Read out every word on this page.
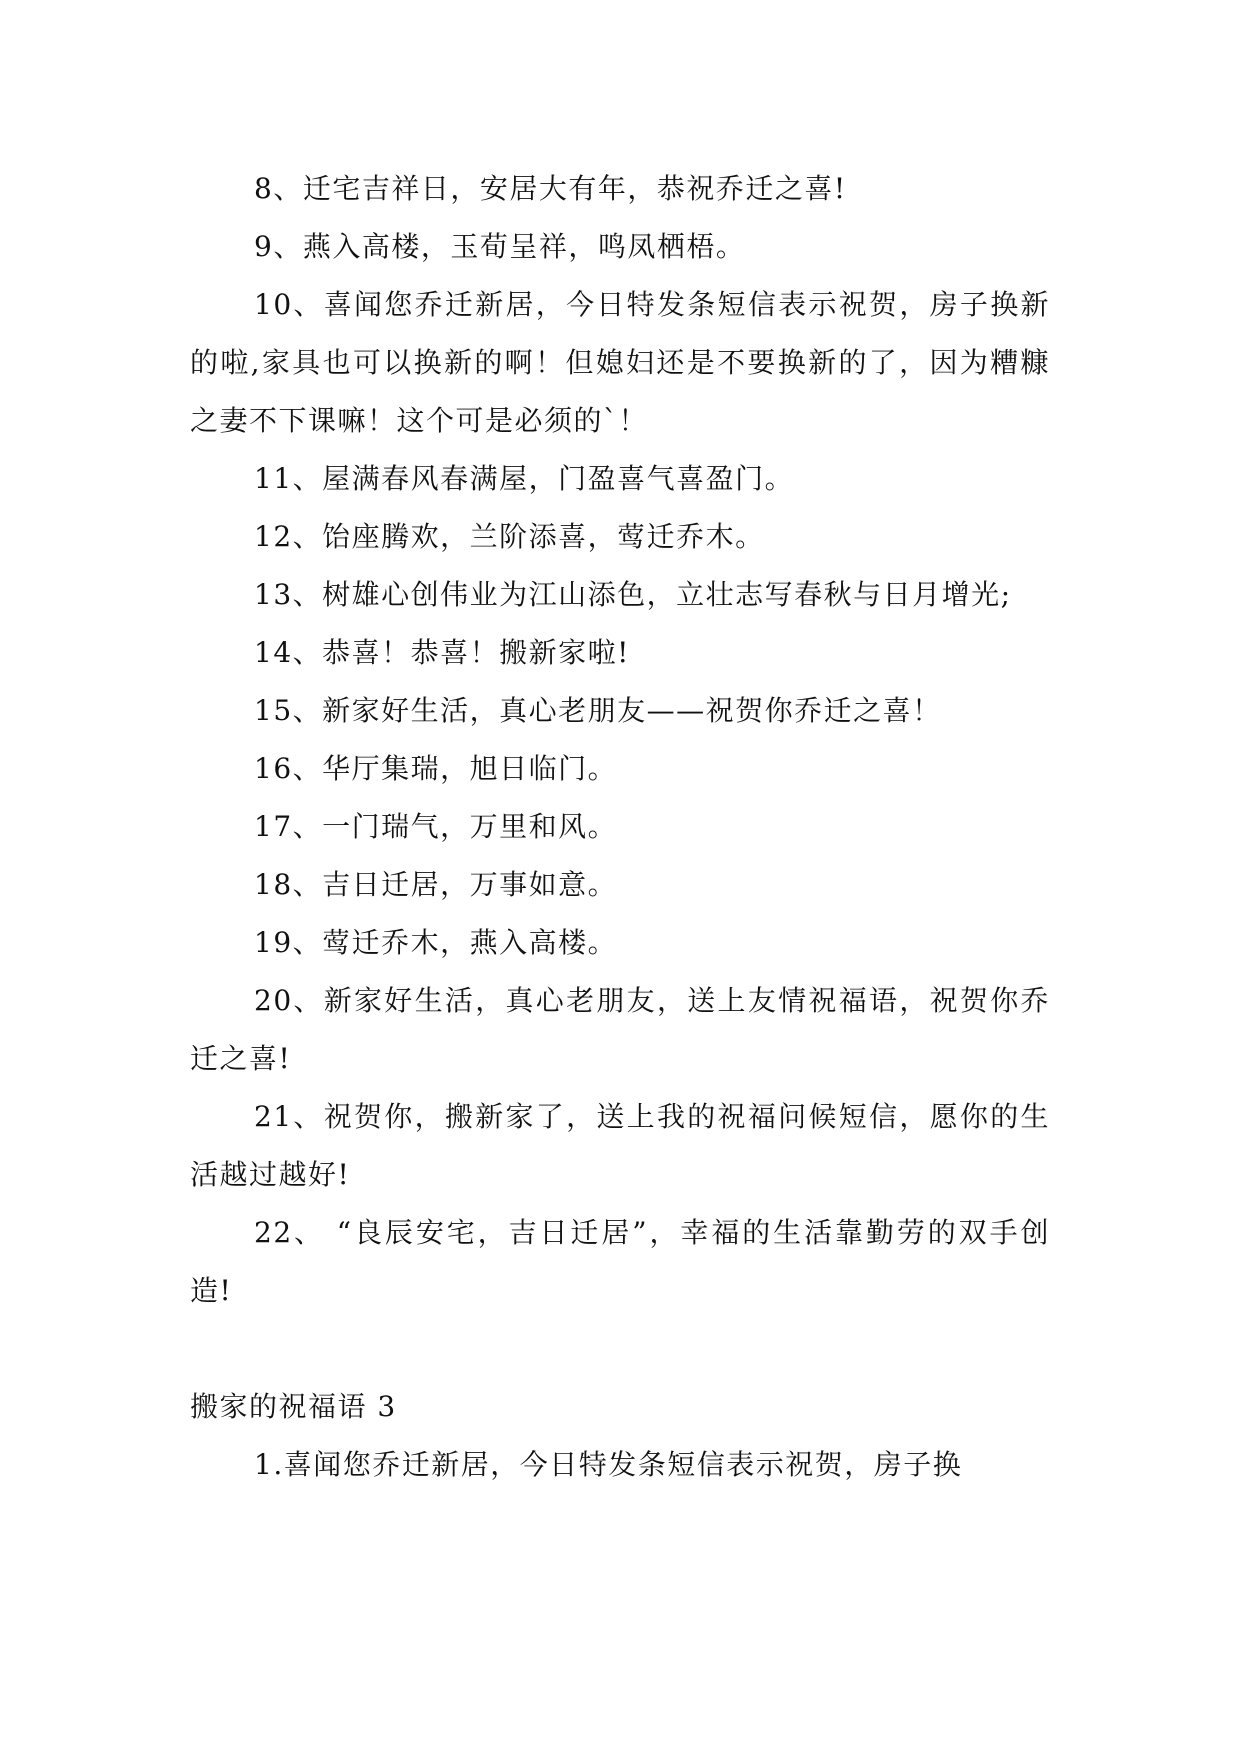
8、迁宅吉祥日，安居大有年，恭祝乔迁之喜!

9、燕入高楼，玉荀呈祥，鸣凤栖梧。

10、喜闻您乔迁新居，今日特发条短信表示祝贺，房子换新的啦,家具也可以换新的啊！但媳妇还是不要换新的了，因为糟糠之妻不下课嘛！这个可是必须的`！

11、屋满春风春满屋，门盈喜气喜盈门。

12、饴座腾欢，兰阶添喜，莺迁乔木。

13、树雄心创伟业为江山添色，立壮志写春秋与日月增光;

14、恭喜！恭喜！搬新家啦!

15、新家好生活，真心老朋友——祝贺你乔迁之喜！

16、华厅集瑞，旭日临门。

17、一门瑞气，万里和风。

18、吉日迁居，万事如意。

19、莺迁乔木，燕入高楼。

20、新家好生活，真心老朋友，送上友情祝福语，祝贺你乔迁之喜!

21、祝贺你，搬新家了，送上我的祝福问候短信，愿你的生活越过越好!

22、 “良辰安宅，吉日迁居”，幸福的生活靠勤劳的双手创造!

搬家的祝福语 3

1.喜闻您乔迁新居，今日特发条短信表示祝贺，房子换
